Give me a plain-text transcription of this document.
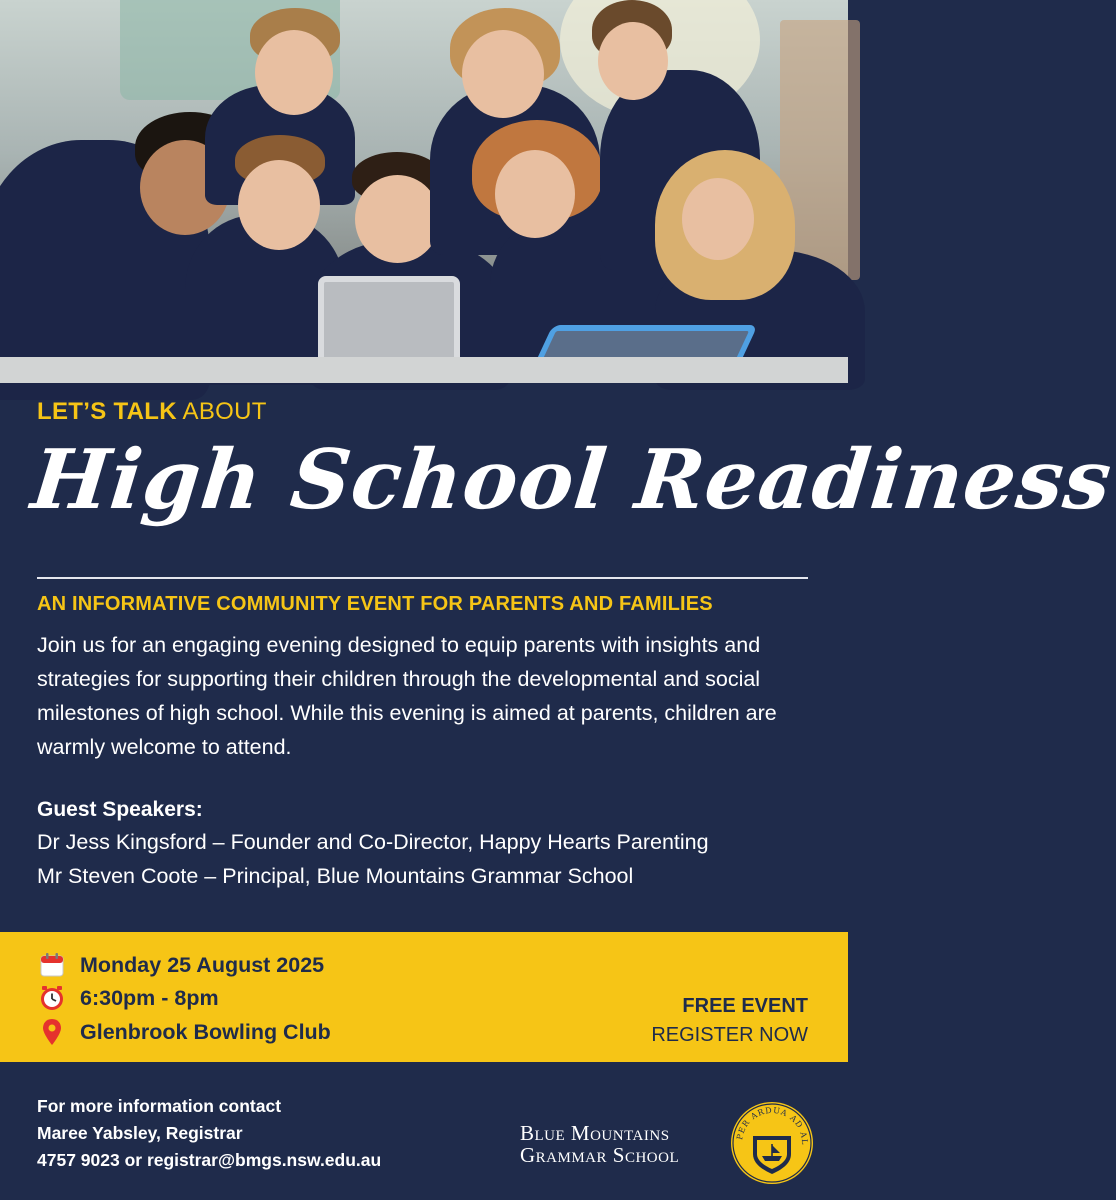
LET’S TALK ABOUT
High School Readiness
AN INFORMATIVE COMMUNITY EVENT FOR PARENTS AND FAMILIES

Join us for an engaging evening designed to equip parents with insights and strategies for supporting their children through the developmental and social milestones of high school. While this evening is aimed at parents, children are warmly welcome to attend.

Guest Speakers:
Dr Jess Kingsford – Founder and Co-Director, Happy Hearts Parenting
Mr Steven Coote – Principal, Blue Mountains Grammar School
Monday 25 August 2025
6:30pm - 8pm
Glenbrook Bowling Club
FREE EVENT
REGISTER NOW
For more information contact
Maree Yabsley, Registrar
4757 9023 or registrar@bmgs.nsw.edu.au
Blue Mountains
Grammar School
PER ARDUA AD AL
